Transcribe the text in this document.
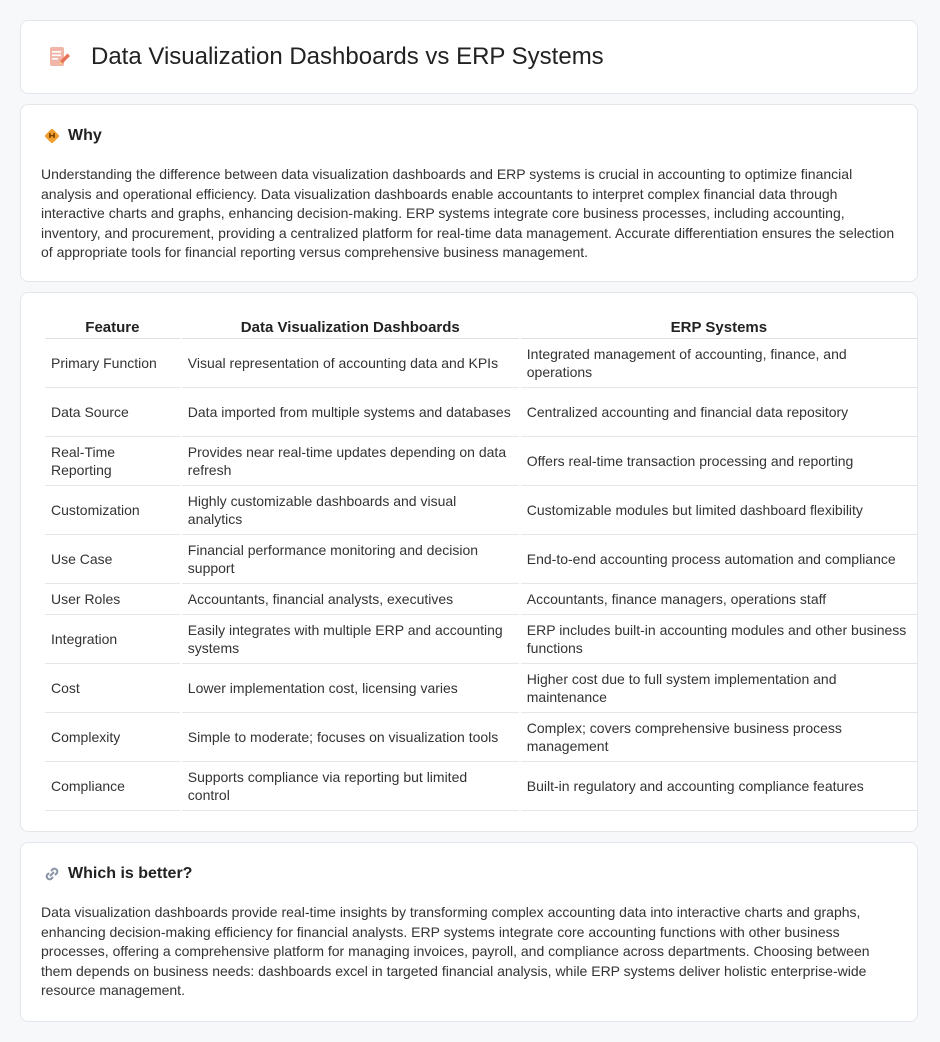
Data Visualization Dashboards vs ERP Systems
Why

Understanding the difference between data visualization dashboards and ERP systems is crucial in accounting to optimize financial analysis and operational efficiency. Data visualization dashboards enable accountants to interpret complex financial data through interactive charts and graphs, enhancing decision-making. ERP systems integrate core business processes, including accounting, inventory, and procurement, providing a centralized platform for real-time data management. Accurate differentiation ensures the selection of appropriate tools for financial reporting versus comprehensive business management.

Feature	Data Visualization Dashboards	ERP Systems
Primary Function	Visual representation of accounting data and KPIs	Integrated management of accounting, finance, and operations
Data Source	Data imported from multiple systems and databases	Centralized accounting and financial data repository
Real-Time Reporting	Provides near real-time updates depending on data refresh	Offers real-time transaction processing and reporting
Customization	Highly customizable dashboards and visual analytics	Customizable modules but limited dashboard flexibility
Use Case	Financial performance monitoring and decision support	End-to-end accounting process automation and compliance
User Roles	Accountants, financial analysts, executives	Accountants, finance managers, operations staff
Integration	Easily integrates with multiple ERP and accounting systems	ERP includes built-in accounting modules and other business functions
Cost	Lower implementation cost, licensing varies	Higher cost due to full system implementation and maintenance
Complexity	Simple to moderate; focuses on visualization tools	Complex; covers comprehensive business process management
Compliance	Supports compliance via reporting but limited control	Built-in regulatory and accounting compliance features
Which is better?

Data visualization dashboards provide real-time insights by transforming complex accounting data into interactive charts and graphs, enhancing decision-making efficiency for financial analysts. ERP systems integrate core accounting functions with other business processes, offering a comprehensive platform for managing invoices, payroll, and compliance across departments. Choosing between them depends on business needs: dashboards excel in targeted financial analysis, while ERP systems deliver holistic enterprise-wide resource management.
